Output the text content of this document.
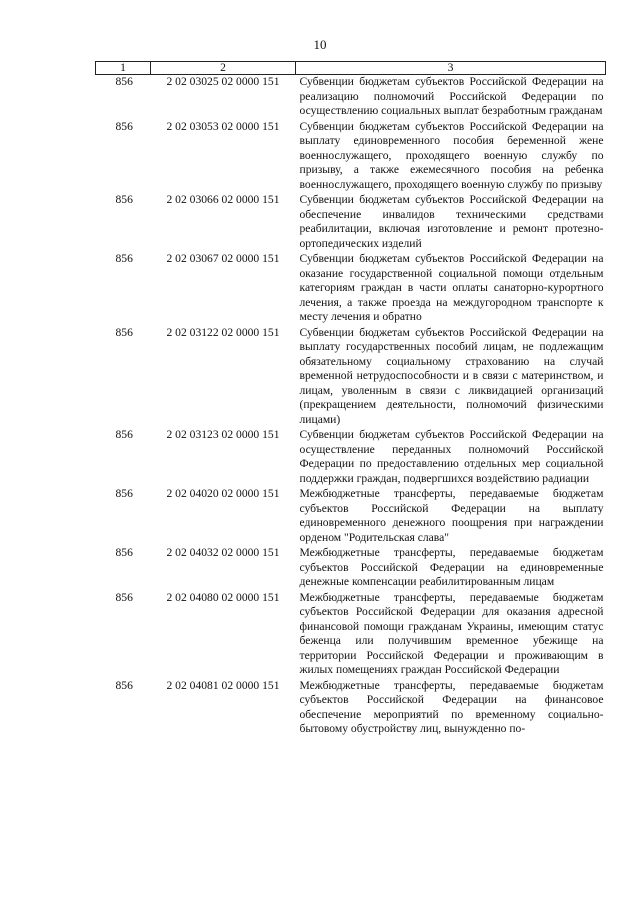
10
1	2	3
856	2 02 03025 02 0000 151	Субвенции бюджетам субъектов Российской Федерации на реализацию полномочий Российской Федерации по осуществлению социальных выплат безработным гражданам
856	2 02 03053 02 0000 151	Субвенции бюджетам субъектов Российской Федерации на выплату единовременного пособия беременной жене военнослужащего, проходящего военную службу по призыву, а также ежемесячного пособия на ребенка военнослужащего, проходящего военную службу по призыву
856	2 02 03066 02 0000 151	Субвенции бюджетам субъектов Российской Федерации на обеспечение инвалидов техническими средствами реабилитации, включая изготовление и ремонт протезно-ортопедических изделий
856	2 02 03067 02 0000 151	Субвенции бюджетам субъектов Российской Федерации на оказание государственной социальной помощи отдельным категориям граждан в части оплаты санаторно-курортного лечения, а также проезда на междугородном транспорте к месту лечения и обратно
856	2 02 03122 02 0000 151	Субвенции бюджетам субъектов Российской Федерации на выплату государственных пособий лицам, не подлежащим обязательному социальному страхованию на случай временной нетрудоспособности и в связи с материнством, и лицам, уволенным в связи с ликвидацией организаций (прекращением деятельности, полномочий физическими лицами)
856	2 02 03123 02 0000 151	Субвенции бюджетам субъектов Российской Федерации на осуществление переданных полномочий Российской Федерации по предоставлению отдельных мер социальной поддержки граждан, подвергшихся воздействию радиации
856	2 02 04020 02 0000 151	Межбюджетные трансферты, передаваемые бюджетам субъектов Российской Федерации на выплату единовременного денежного поощрения при награждении орденом "Родительская слава"
856	2 02 04032 02 0000 151	Межбюджетные трансферты, передаваемые бюджетам субъектов Российской Федерации на единовременные денежные компенсации реабилитированным лицам
856	2 02 04080 02 0000 151	Межбюджетные трансферты, передаваемые бюджетам субъектов Российской Федерации для оказания адресной финансовой помощи гражданам Украины, имеющим статус беженца или получившим временное убежище на территории Российской Федерации и проживающим в жилых помещениях граждан Российской Федерации
856	2 02 04081 02 0000 151	Межбюджетные трансферты, передаваемые бюджетам субъектов Российской Федерации на финансовое обеспечение мероприятий по временному социально-бытовому обустройству лиц, вынужденно по-
